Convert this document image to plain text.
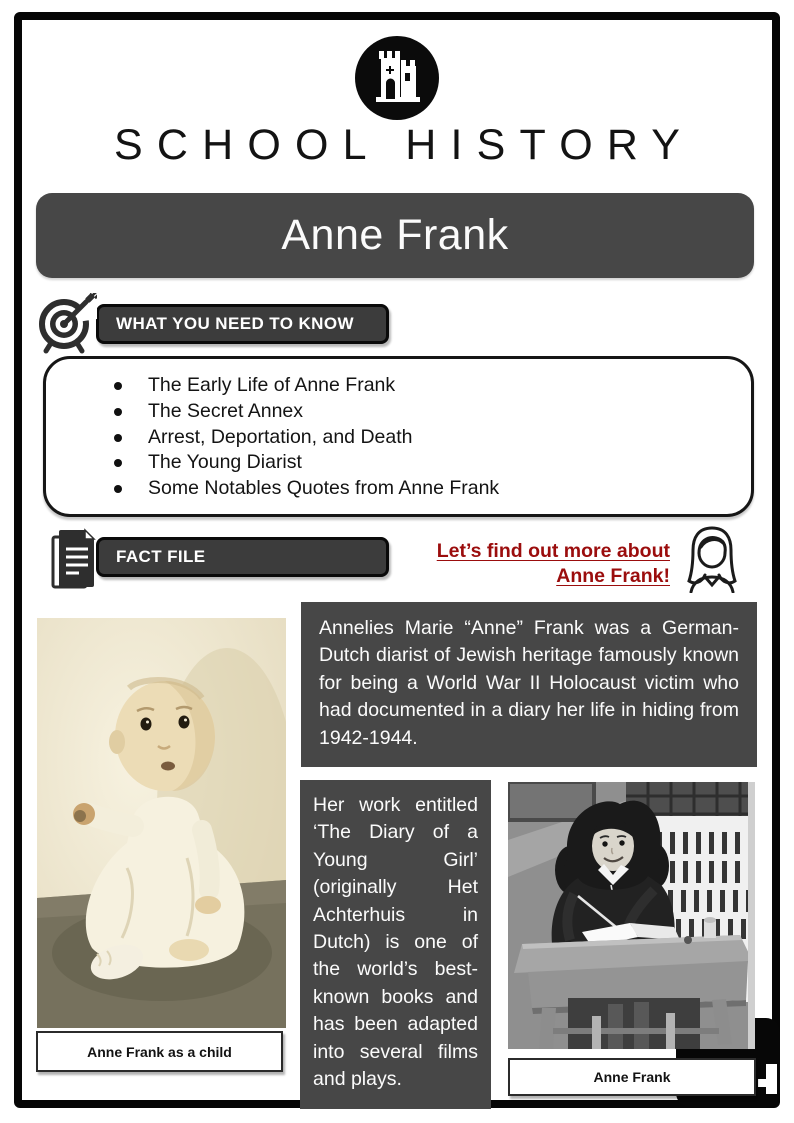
SCHOOL HISTORY
Anne Frank
WHAT YOU NEED TO KNOW
The Early Life of Anne Frank
The Secret Annex
Arrest, Deportation, and Death
The Young Diarist
Some Notables Quotes from Anne Frank
FACT FILE	Let’s find out more about
Anne Frank!
Annelies Marie “Anne” Frank was a German-Dutch diarist of Jewish heritage famously known for being a World War II Holocaust victim who had documented in a diary her life in hiding from 1942-1944.
Her work entitled ‘The Diary of a Young Girl’ (originally Het Achterhuis in Dutch) is one of the world’s best-known books and has been adapted into several films and plays.
Anne Frank as a child
Anne Frank
